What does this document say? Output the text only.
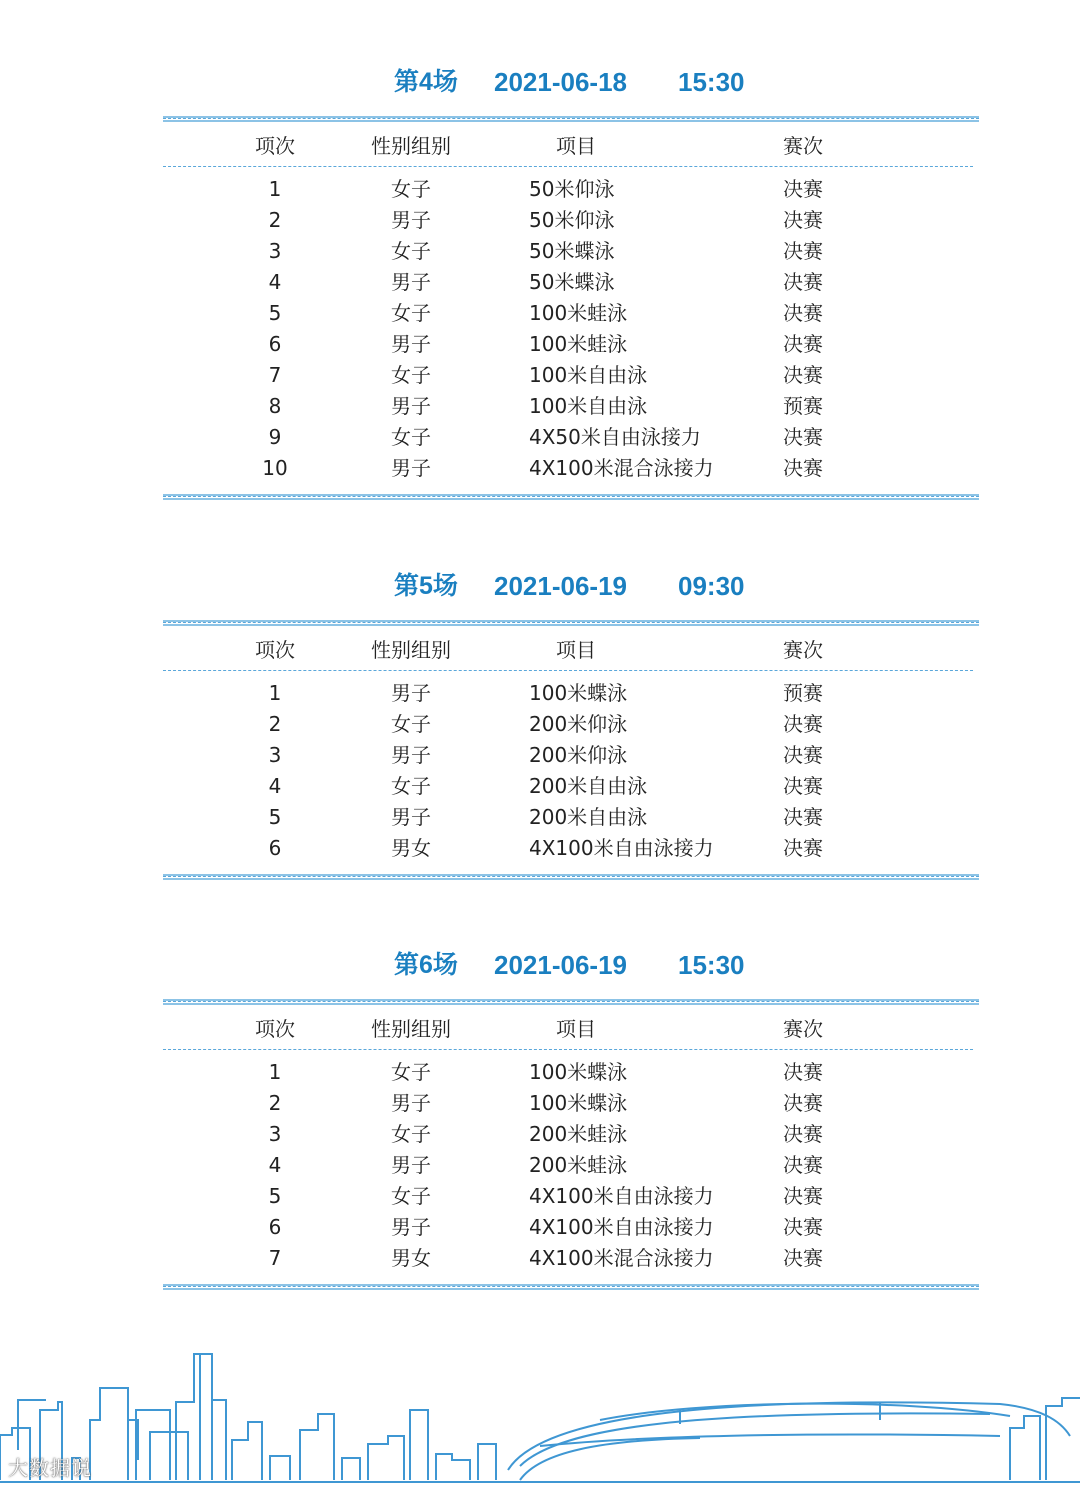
第4场 2021-06-18 15:30
项次	性别组别	项目	赛次
1	女子	50米仰泳	决赛
2	男子	50米仰泳	决赛
3	女子	50米蝶泳	决赛
4	男子	50米蝶泳	决赛
5	女子	100米蛙泳	决赛
6	男子	100米蛙泳	决赛
7	女子	100米自由泳	决赛
8	男子	100米自由泳	预赛
9	女子	4X50米自由泳接力	决赛
10	男子	4X100米混合泳接力	决赛
第5场 2021-06-19 09:30
项次	性别组别	项目	赛次
1	男子	100米蝶泳	预赛
2	女子	200米仰泳	决赛
3	男子	200米仰泳	决赛
4	女子	200米自由泳	决赛
5	男子	200米自由泳	决赛
6	男女	4X100米自由泳接力	决赛
第6场 2021-06-19 15:30
项次	性别组别	项目	赛次
1	女子	100米蝶泳	决赛
2	男子	100米蝶泳	决赛
3	女子	200米蛙泳	决赛
4	男子	200米蛙泳	决赛
5	女子	4X100米自由泳接力	决赛
6	男子	4X100米自由泳接力	决赛
7	男女	4X100米混合泳接力	决赛
大数据说
